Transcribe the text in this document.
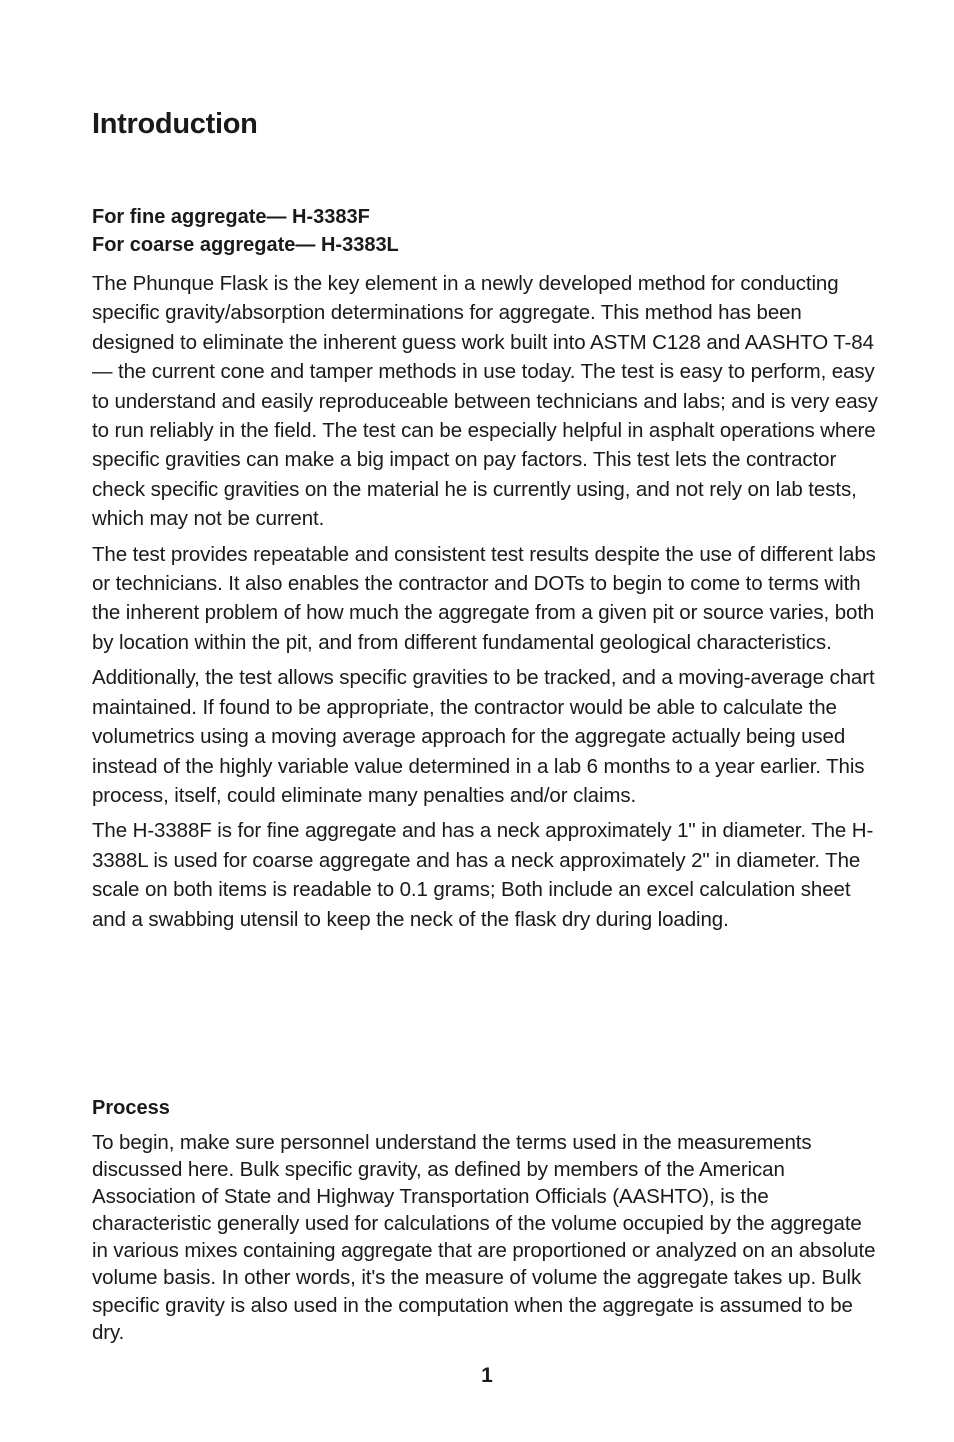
Introduction
For fine aggregate— H-3383F
For coarse aggregate— H-3383L

The Phunque Flask is the key element in a newly developed method for conducting specific gravity/absorption determinations for aggregate. This method has been designed to eliminate the inherent guess work built into ASTM C128 and AASHTO T-84— the current cone and tamper methods in use today. The test is easy to perform, easy to understand and easily reproduceable between technicians and labs; and is very easy to run reliably in the field. The test can be especially helpful in asphalt operations where specific gravities can make a big impact on pay factors. This test lets the contractor check specific gravities on the material he is currently using, and not rely on lab tests, which may not be current.

The test provides repeatable and consistent test results despite the use of different labs or technicians. It also enables the contractor and DOTs to begin to come to terms with the inherent problem of how much the aggregate from a given pit or source varies, both by location within the pit, and from different fundamental geological characteristics.

Additionally, the test allows specific gravities to be tracked, and a moving-average chart maintained. If found to be appropriate, the contractor would be able to calculate the volumetrics using a moving average approach for the aggregate actually being used instead of the highly variable value determined in a lab 6 months to a year earlier. This process, itself, could eliminate many penalties and/or claims.

The H-3388F is for fine aggregate and has a neck approximately 1" in diameter. The H-3388L is used for coarse aggregate and has a neck approximately 2" in diameter. The scale on both items is readable to 0.1 grams; Both include an excel calculation sheet and a swabbing utensil to keep the neck of the flask dry during loading.

Process

To begin, make sure personnel understand the terms used in the measurements discussed here. Bulk specific gravity, as defined by members of the American Association of State and Highway Transportation Officials (AASHTO), is the characteristic generally used for calculations of the volume occupied by the aggregate in various mixes containing aggregate that are proportioned or analyzed on an absolute volume basis. In other words, it's the measure of volume the aggregate takes up. Bulk specific gravity is also used in the computation when the aggregate is assumed to be dry.

1
